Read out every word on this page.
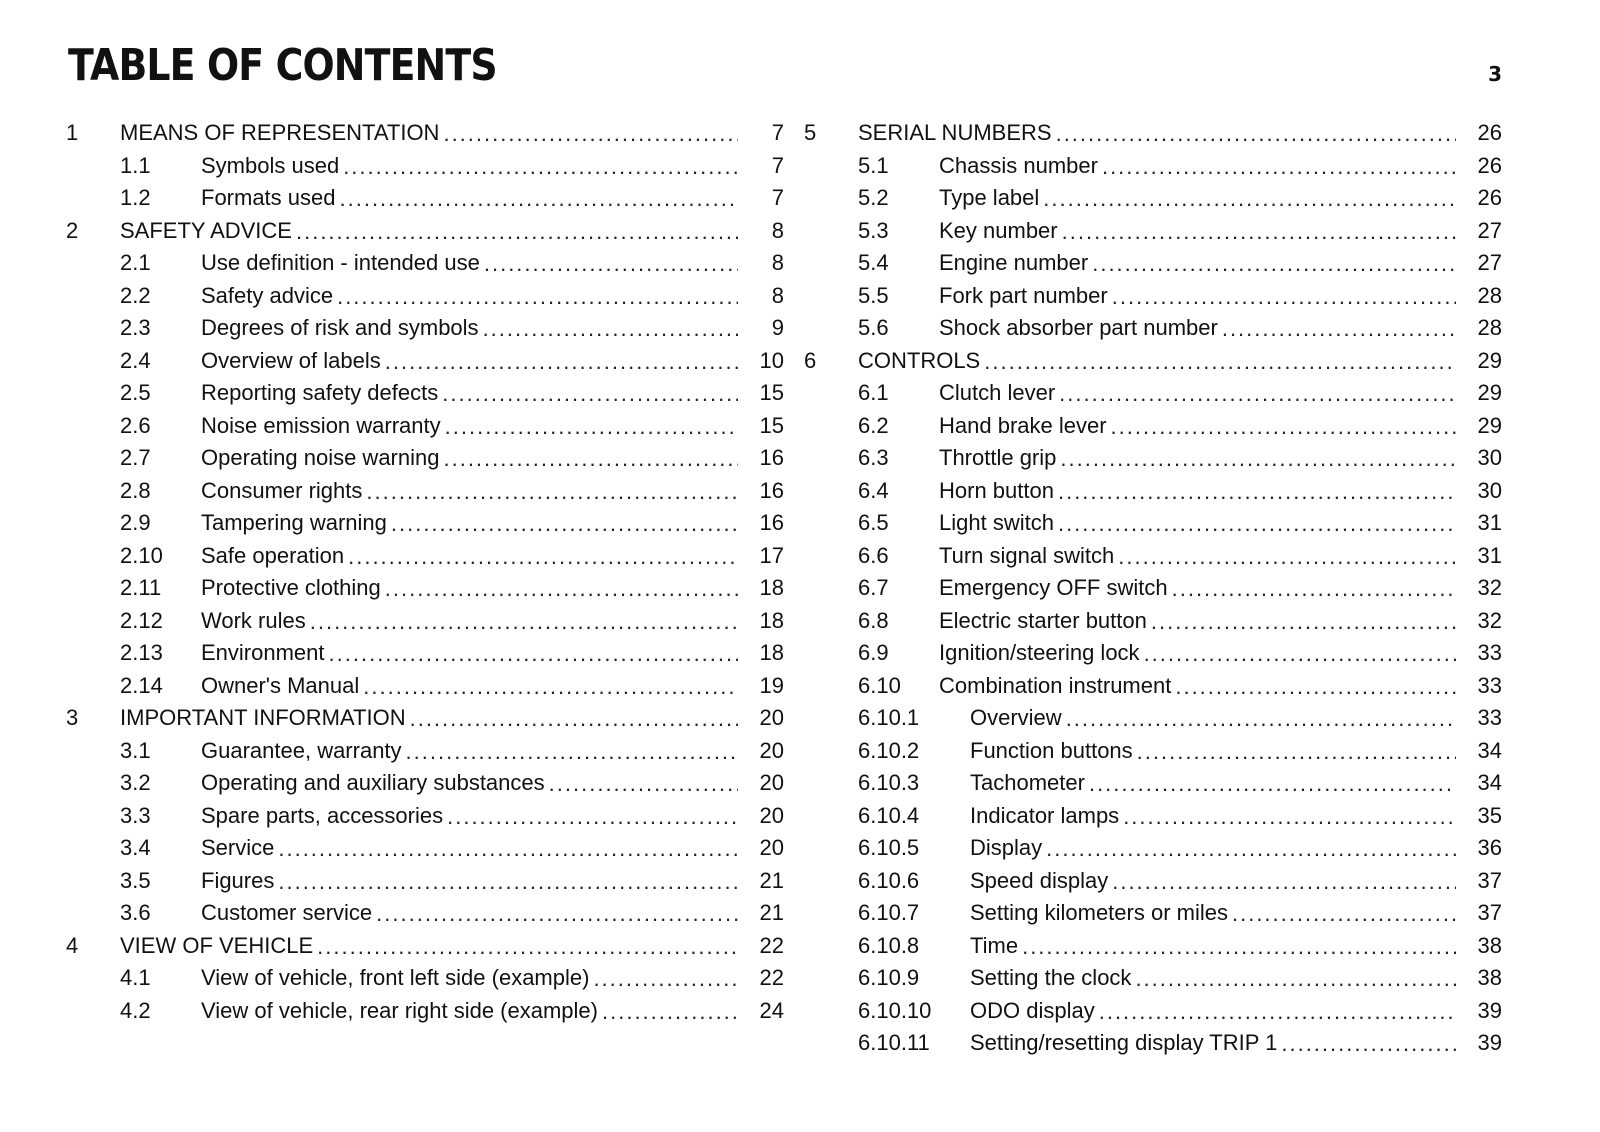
TABLE OF CONTENTS	3
1 MEANS OF REPRESENTATION .....	7
1.1 Symbols used .....	7
1.2 Formats used .....	7
2 SAFETY ADVICE .....	8
2.1 Use definition - intended use .....	8
2.2 Safety advice .....	8
2.3 Degrees of risk and symbols .....	9
2.4 Overview of labels .....	10
2.5 Reporting safety defects .....	15
2.6 Noise emission warranty .....	15
2.7 Operating noise warning .....	16
2.8 Consumer rights .....	16
2.9 Tampering warning .....	16
2.10 Safe operation .....	17
2.11 Protective clothing .....	18
2.12 Work rules .....	18
2.13 Environment .....	18
2.14 Owner's Manual .....	19
3 IMPORTANT INFORMATION .....	20
3.1 Guarantee, warranty .....	20
3.2 Operating and auxiliary substances .....	20
3.3 Spare parts, accessories .....	20
3.4 Service .....	20
3.5 Figures .....	21
3.6 Customer service .....	21
4 VIEW OF VEHICLE .....	22
4.1 View of vehicle, front left side (example) .....	22
4.2 View of vehicle, rear right side (example) .....	24
5 SERIAL NUMBERS .....	26
5.1 Chassis number .....	26
5.2 Type label .....	26
5.3 Key number .....	27
5.4 Engine number .....	27
5.5 Fork part number .....	28
5.6 Shock absorber part number .....	28
6 CONTROLS .....	29
6.1 Clutch lever .....	29
6.2 Hand brake lever .....	29
6.3 Throttle grip .....	30
6.4 Horn button .....	30
6.5 Light switch .....	31
6.6 Turn signal switch .....	31
6.7 Emergency OFF switch .....	32
6.8 Electric starter button .....	32
6.9 Ignition/steering lock .....	33
6.10 Combination instrument .....	33
6.10.1 Overview .....	33
6.10.2 Function buttons .....	34
6.10.3 Tachometer .....	34
6.10.4 Indicator lamps .....	35
6.10.5 Display .....	36
6.10.6 Speed display .....	37
6.10.7 Setting kilometers or miles .....	37
6.10.8 Time .....	38
6.10.9 Setting the clock .....	38
6.10.10 ODO display .....	39
6.10.11 Setting/resetting display TRIP 1 .....	39
